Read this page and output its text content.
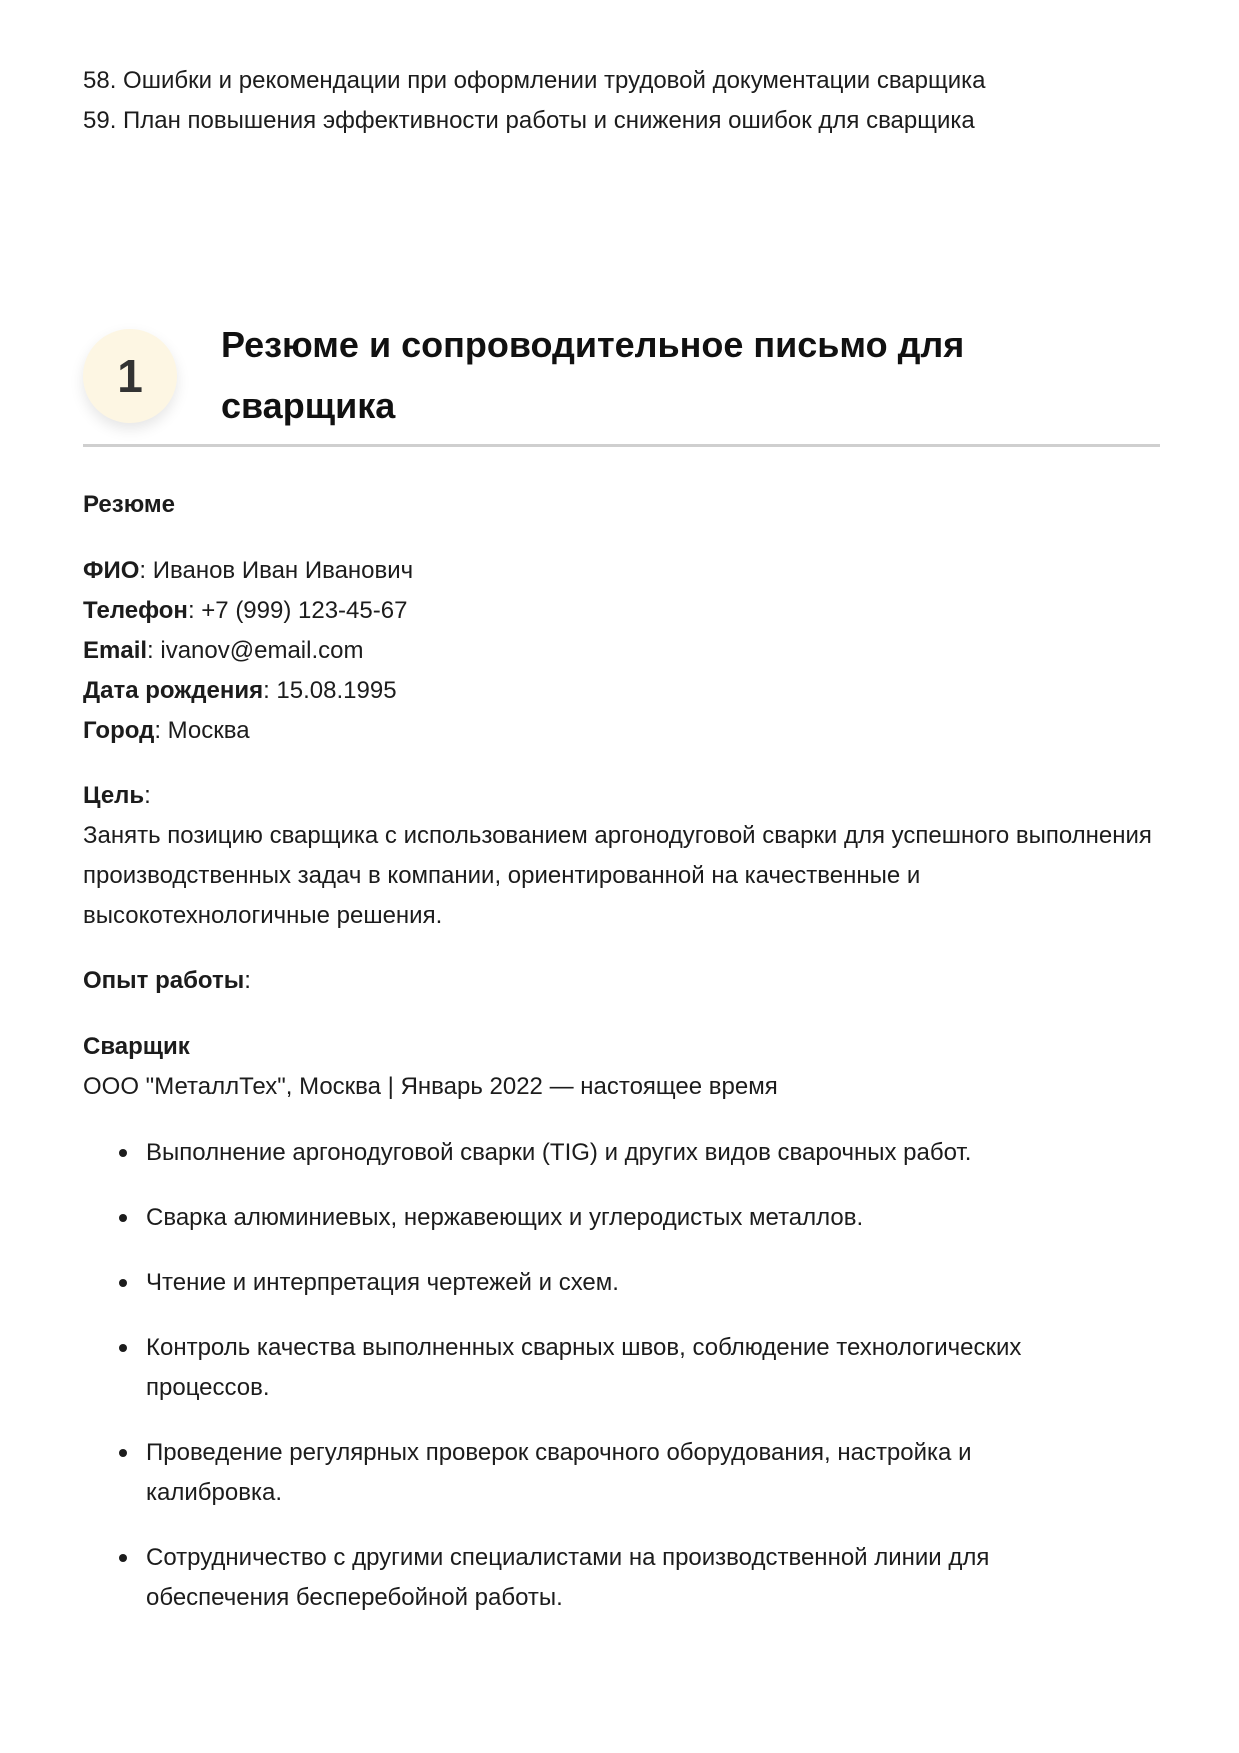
58. Ошибки и рекомендации при оформлении трудовой документации сварщика
59. План повышения эффективности работы и снижения ошибок для сварщика
1
Резюме и сопроводительное письмо для сварщика
Резюме
ФИО: Иванов Иван Иванович
Телефон: +7 (999) 123-45-67
Email: ivanov@email.com
Дата рождения: 15.08.1995
Город: Москва
Цель:
Занять позицию сварщика с использованием аргонодуговой сварки для успешного выполнения производственных задач в компании, ориентированной на качественные и высокотехнологичные решения.
Опыт работы:
Сварщик
ООО "МеталлТех", Москва | Январь 2022 — настоящее время
Выполнение аргонодуговой сварки (TIG) и других видов сварочных работ.
Сварка алюминиевых, нержавеющих и углеродистых металлов.
Чтение и интерпретация чертежей и схем.
Контроль качества выполненных сварных швов, соблюдение технологических процессов.
Проведение регулярных проверок сварочного оборудования, настройка и калибровка.
Сотрудничество с другими специалистами на производственной линии для обеспечения бесперебойной работы.
